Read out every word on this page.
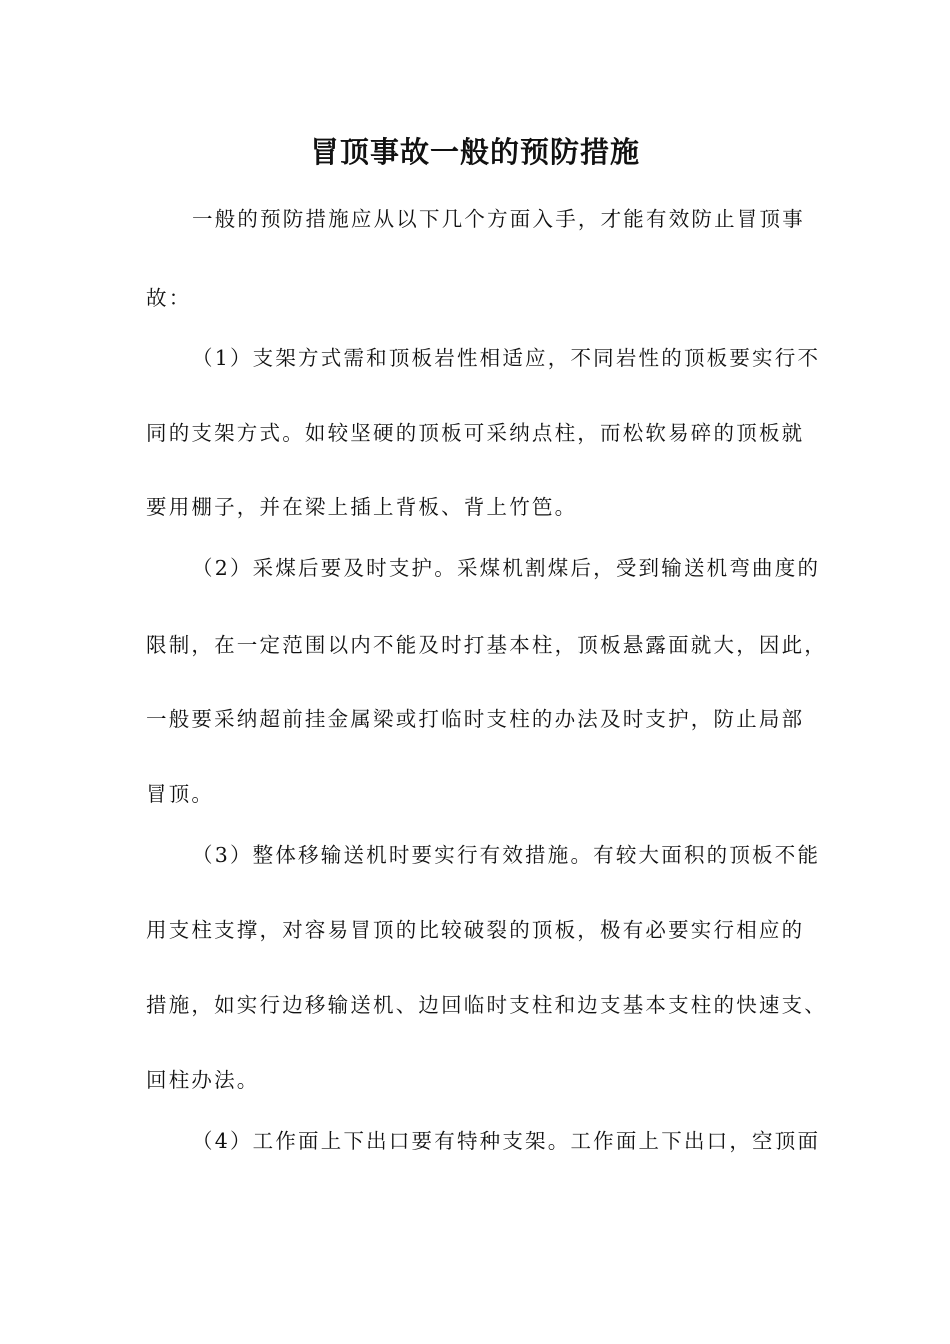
冒顶事故一般的预防措施
一般的预防措施应从以下几个方面入手，才能有效防止冒顶事
故：
（1）支架方式需和顶板岩性相适应，不同岩性的顶板要实行不
同的支架方式。如较坚硬的顶板可采纳点柱，而松软易碎的顶板就
要用棚子，并在梁上插上背板、背上竹笆。
（2）采煤后要及时支护。采煤机割煤后，受到输送机弯曲度的
限制，在一定范围以内不能及时打基本柱，顶板悬露面就大，因此，
一般要采纳超前挂金属梁或打临时支柱的办法及时支护，防止局部
冒顶。
（3）整体移输送机时要实行有效措施。有较大面积的顶板不能
用支柱支撑，对容易冒顶的比较破裂的顶板，极有必要实行相应的
措施，如实行边移输送机、边回临时支柱和边支基本支柱的快速支、
回柱办法。
（4）工作面上下出口要有特种支架。工作面上下出口，空顶面
